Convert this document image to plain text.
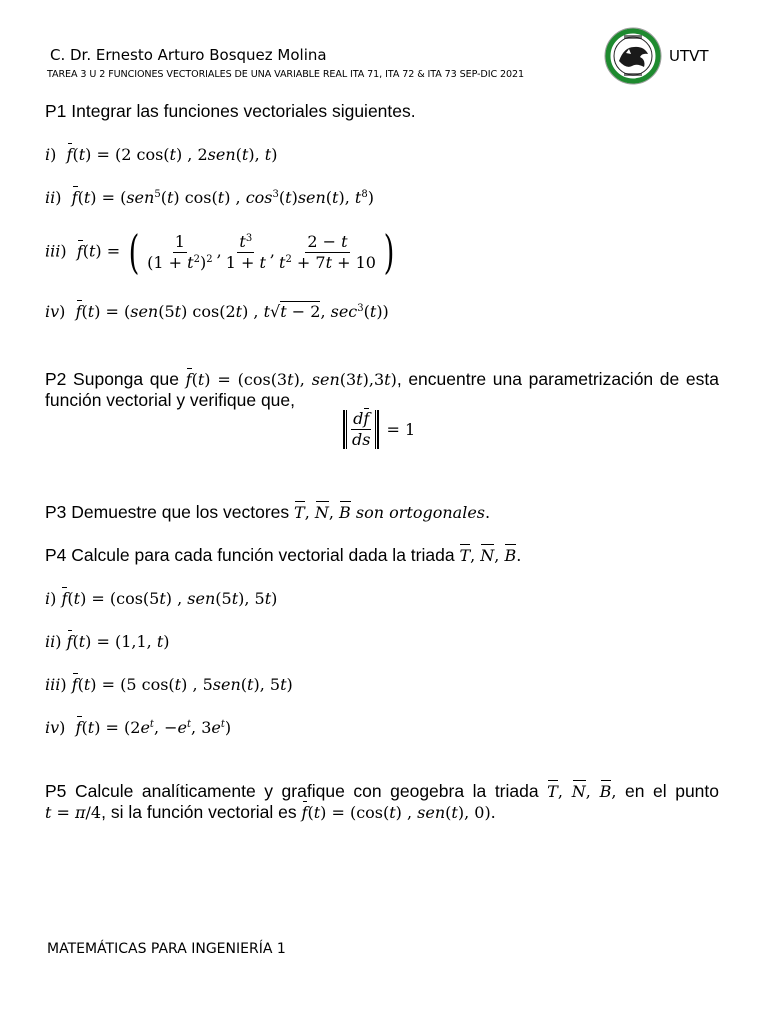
C. Dr. Ernesto Arturo Bosquez Molina
TAREA 3 U 2 FUNCIONES VECTORIALES DE UNA VARIABLE REAL ITA 71, ITA 72 & ITA 73 SEP-DIC 2021
UTVT
P1 Integrar las funciones vectoriales siguientes.
i)  f(t) = (2 cos(t) , 2sen(t), t)
ii)  f(t) = (sen$^5$(t) cos(t) , $\cos^3(t)sen(t)$, $t^8$)
iii)  f(t) = ( $\frac{1}{(1 + t^2)^2}$ , $\frac{t^3}{1 + t}$ , $\frac{2 - t}{t^2 + 7t + 10}$ )
iv)  f(t) = (sen(5t) cos(2t) , t√t − 2, $\sec^3(t)$)
P2 Suponga que f(t) = (cos(3t), sen(3t),3t), encuentre una parametrización de esta
función vectorial y verifique que,
$\frac{df}{ds} = 1$
P3 Demuestre que los vectores T, N, B son ortogonales.
P4 Calcule para cada función vectorial dada la triada T, N, B.
i) f(t) = (cos(5t) , sen(5t), 5t)
ii) f(t) = (1,1, t)
iii) f(t) = (5 cos(t) , 5sen(t), 5t)
iv)  $f(t) = (2e^t$, $-e^t$, $3e^t$)
P5 Calcule analíticamente y grafique con geogebra la triada T, N, B, en el punto
t = π/4, si la función vectorial es f(t) = (cos(t) , sen(t), 0).
MATEMÁTICAS PARA INGENIERÍA 1
